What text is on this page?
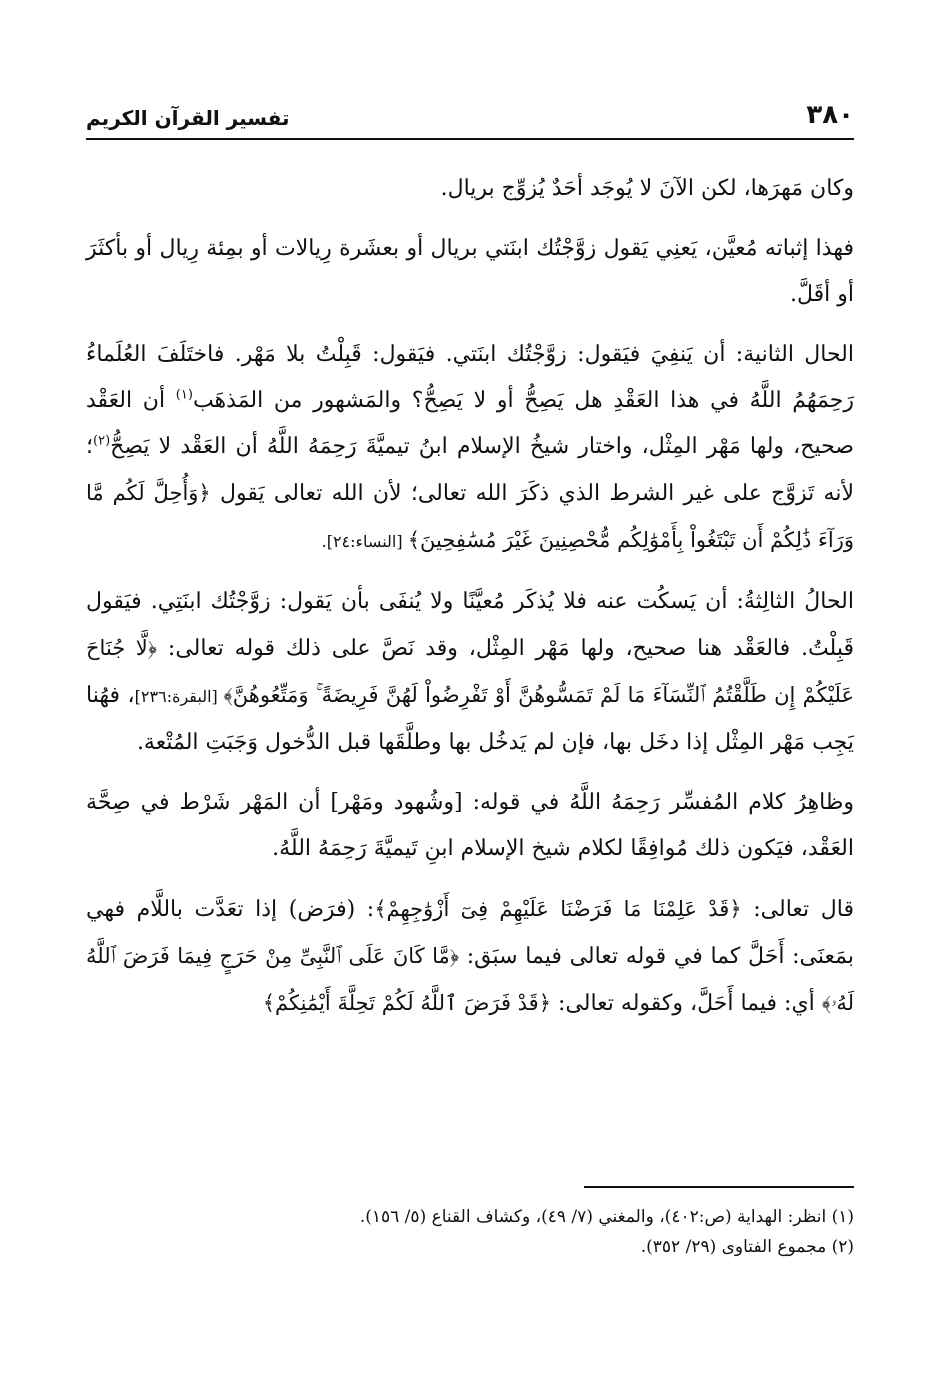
٣٨٠
تفسير القرآن الكريم

وكان مَهرَها، لكن الآنَ لا يُوجَد أحَدٌ يُزوِّج بريال.

فهذا إثباته مُعيَّن، يَعنِي يَقول زوَّجْتُك ابنَتي بريال أو بعشَرة رِيالات أو بمِئة رِيال أو بأكثَرَ أو أقَلَّ.

الحال الثانية: أن يَنفِيَ فيَقول: زوَّجْتُك ابنَتي. فيَقول: قَبِلْتُ بلا مَهْر. فاختَلَفَ العُلَماءُ رَحِمَهُمُ اللَّهُ في هذا العَقْدِ هل يَصِحُّ أو لا يَصِحُّ؟ والمَشهور من المَذهَب$^{(١)}$ أن العَقْد صحيح، ولها مَهْر المِثْل، واختار شيخُ الإسلام ابنُ تيميَّةَ رَحِمَهُ اللَّهُ أن العَقْد لا يَصِحُّ$^{(٢)}$؛ لأنه تَزوَّج على غير الشرط الذي ذكَرَ الله تعالى؛ لأن الله تعالى يَقول ﴿وَأُحِلَّ لَكُم مَّا وَرَآءَ ذَٰلِكُمْ أَن تَبْتَغُواْ بِأَمْوَٰلِكُم مُّحْصِنِينَ غَيْرَ مُسَٰفِحِينَ﴾ [النساء:٢٤].

الحالُ الثالِثةُ: أن يَسكُت عنه فلا يُذكَر مُعيَّنًا ولا يُنفَى بأن يَقول: زوَّجْتُك ابنَتِي. فيَقول قَبِلْتُ. فالعَقْد هنا صحيح، ولها مَهْر المِثْل، وقد نَصَّ على ذلك قوله تعالى: ﴿لَّا جُنَاحَ عَلَيْكُمْ إِن طَلَّقْتُمُ ٱلنِّسَآءَ مَا لَمْ تَمَسُّوهُنَّ أَوْ تَفْرِضُواْ لَهُنَّ فَرِيضَةً ۚ وَمَتِّعُوهُنَّ﴾ [البقرة:٢٣٦]، فهُنا يَجِب مَهْر المِثْل إذا دخَل بها، فإن لم يَدخُل بها وطلَّقَها قبل الدُّخول وَجَبَتِ المُتْعة.

وظاهِرُ كلام المُفسِّر رَحِمَهُ اللَّهُ في قوله: [وشُهود ومَهْر] أن المَهْر شَرْط في صِحَّة العَقْد، فيَكون ذلك مُوافِقًا لكلام شيخ الإسلام ابنِ تَيميَّةَ رَحِمَهُ اللَّهُ.

قال تعالى: ﴿قَدْ عَلِمْنَا مَا فَرَضْنَا عَلَيْهِمْ فِىٓ أَزْوَٰجِهِمْ﴾: (فرَض) إذا تعَدَّت باللَّام فهي بمَعنَى: أَحَلَّ كما في قوله تعالى فيما سبَق: ﴿مَّا كَانَ عَلَى ٱلنَّبِىِّ مِنْ حَرَجٍ فِيمَا فَرَضَ ٱللَّهُ لَهُۥ﴾ أي: فيما أَحَلَّ، وكقوله تعالى: ﴿قَدْ فَرَضَ ٱللَّهُ لَكُمْ تَحِلَّةَ أَيْمَٰنِكُمْ﴾

(١) انظر: الهداية (ص:٤٠٢)، والمغني (٧/ ٤٩)، وكشاف القناع (٥/ ١٥٦).
(٢) مجموع الفتاوى (٢٩/ ٣٥٢).
